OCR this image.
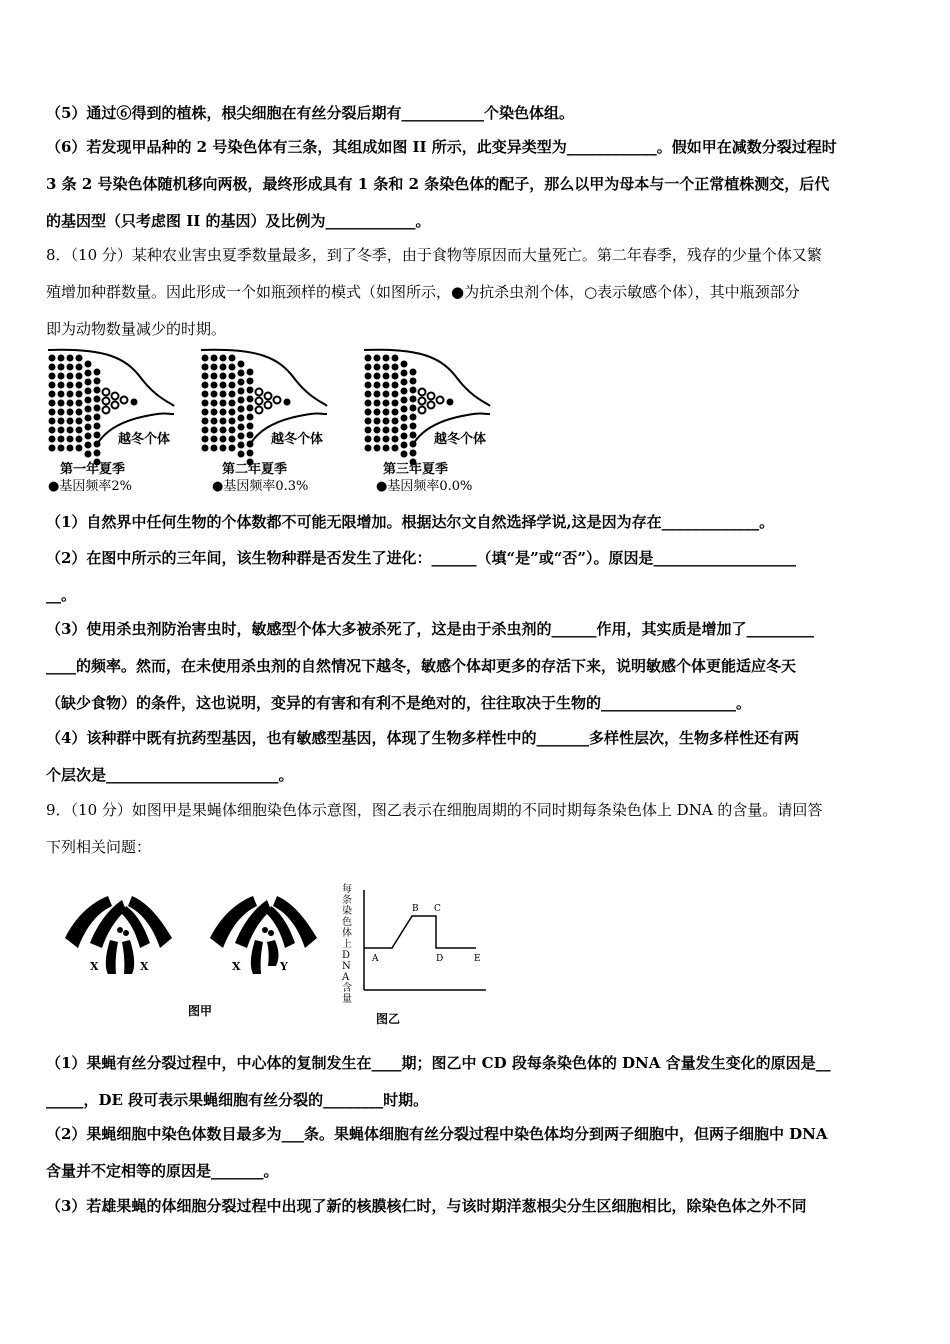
（5）通过⑥得到的植株，根尖细胞在有丝分裂后期有___________个染色体组。
（6）若发现甲品种的 2 号染色体有三条，其组成如图 II 所示，此变异类型为____________。假如甲在减数分裂过程时
3 条 2 号染色体随机移向两极，最终形成具有 1 条和 2 条染色体的配子，那么以甲为母本与一个正常植株测交，后代
的基因型（只考虑图 II 的基因）及比例为____________。
8．（10 分）某种农业害虫夏季数量最多，到了冬季，由于食物等原因而大量死亡。第二年春季，残存的少量个体又繁
殖增加种群数量。因此形成一个如瓶颈样的模式（如图所示，●为抗杀虫剂个体，○表示敏感个体），其中瓶颈部分
即为动物数量减少的时期。
越冬个体	越冬个体	越冬个体
第一年夏季	第二年夏季	第三年夏季
●基因频率2%	●基因频率0.3%	●基因频率0.0%
（1）自然界中任何生物的个体数都不可能无限增加。根据达尔文自然选择学说,这是因为存在_____________。
（2）在图中所示的三年间，该生物种群是否发生了进化：______（填“是”或“否”）。原因是___________________
__。
（3）使用杀虫剂防治害虫时，敏感型个体大多被杀死了，这是由于杀虫剂的______作用，其实质是增加了_________
____的频率。然而，在未使用杀虫剂的自然情况下越冬，敏感个体却更多的存活下来，说明敏感个体更能适应冬天
（缺少食物）的条件，这也说明，变异的有害和有利不是绝对的，往往取决于生物的__________________。
（4）该种群中既有抗药型基因，也有敏感型基因，体现了生物多样性中的_______多样性层次，生物多样性还有两
个层次是_______________________。
9．（10 分）如图甲是果蝇体细胞染色体示意图，图乙表示在细胞周期的不同时期每条染色体上 DNA 的含量。请回答
下列相关问题：
X	X	X	Y
图甲
每条染色体上DNA含量
A
B C
D	E
图乙
（1）果蝇有丝分裂过程中，中心体的复制发生在____期；图乙中 CD 段每条染色体的 DNA 含量发生变化的原因是__
_____，DE 段可表示果蝇细胞有丝分裂的________时期。
（2）果蝇细胞中染色体数目最多为___条。果蝇体细胞有丝分裂过程中染色体均分到两子细胞中，但两子细胞中 DNA
含量并不定相等的原因是_______。
（3）若雄果蝇的体细胞分裂过程中出现了新的核膜核仁时，与该时期洋葱根尖分生区细胞相比，除染色体之外不同
